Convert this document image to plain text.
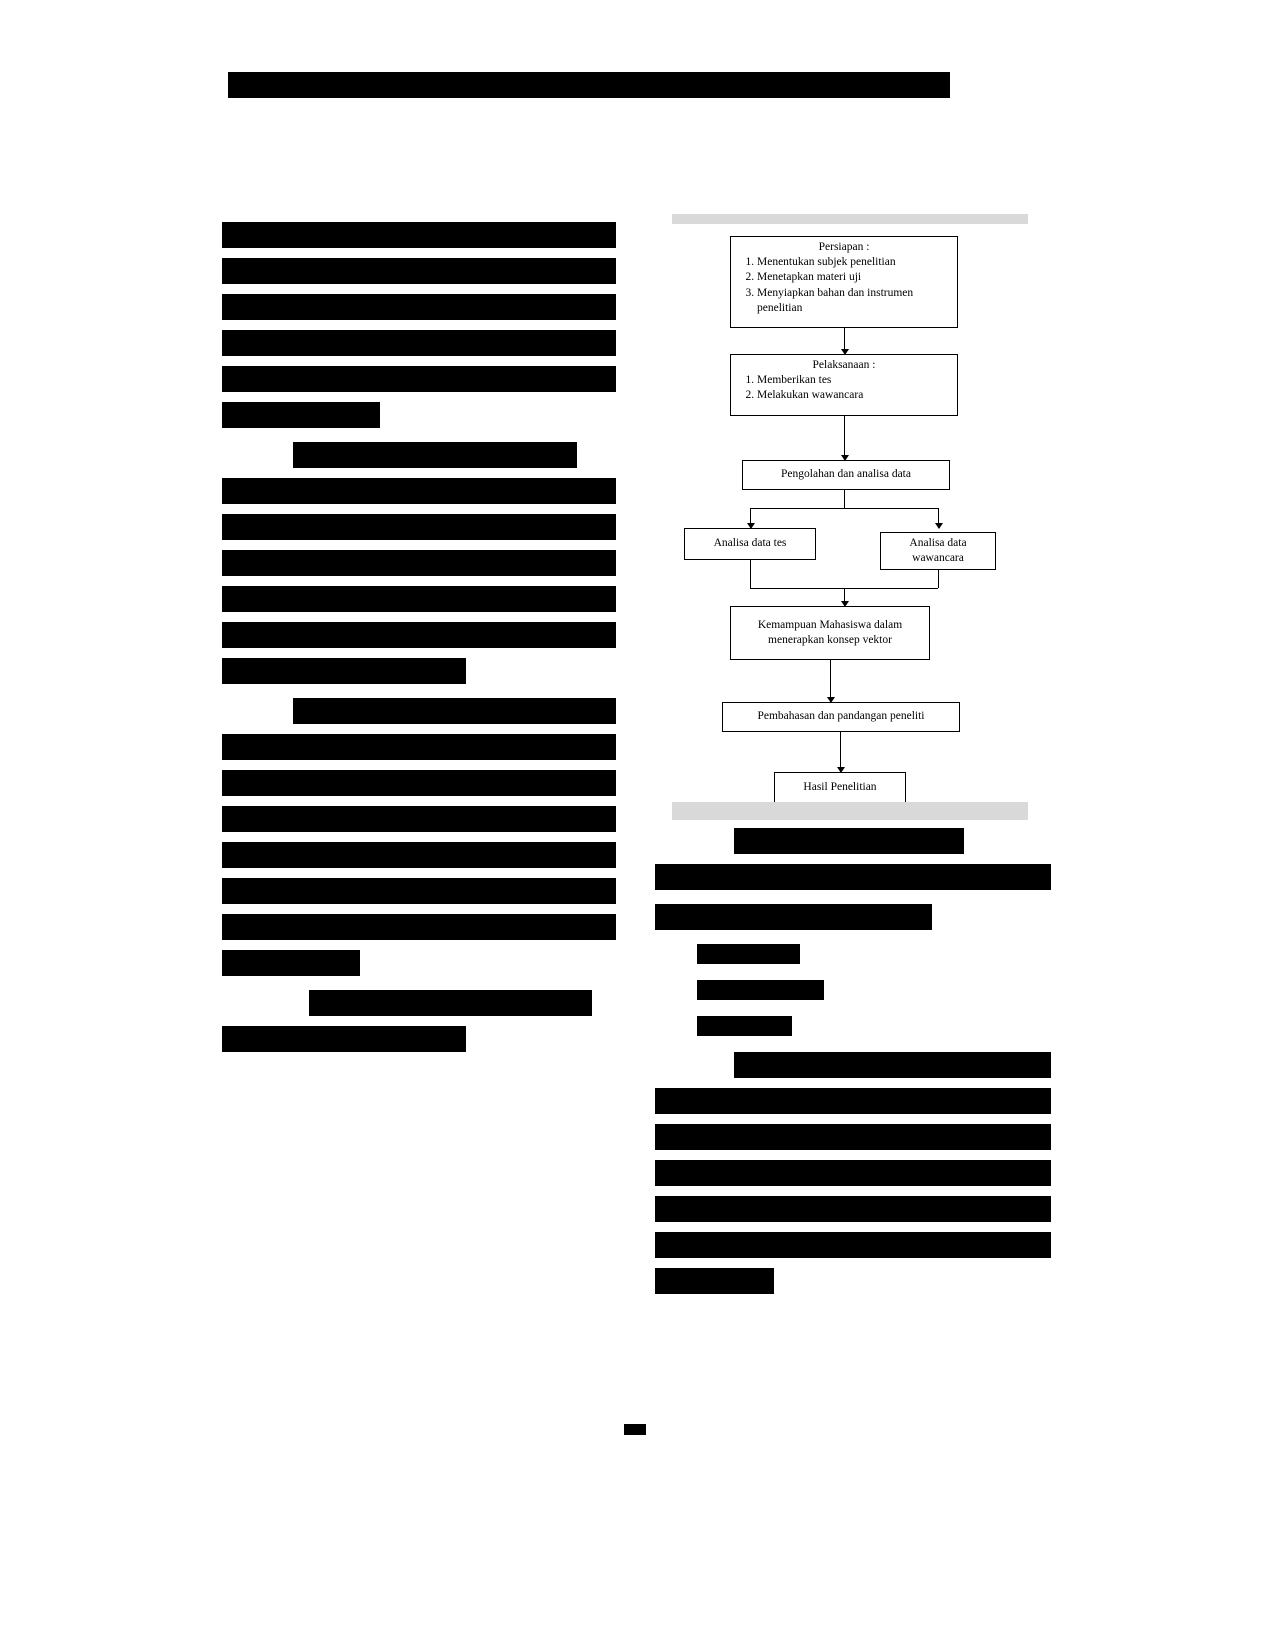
Persiapan :
1. Menentukan subjek penelitian
2. Menetapkan materi uji
3. Menyiapkan bahan dan instrumen penelitian
Pelaksanaan :
1. Memberikan tes
2. Melakukan wawancara
Pengolahan dan analisa data
Analisa data tes	Analisa data wawancara
Kemampuan Mahasiswa dalam menerapkan konsep vektor
Pembahasan dan pandangan peneliti
Hasil Penelitian
